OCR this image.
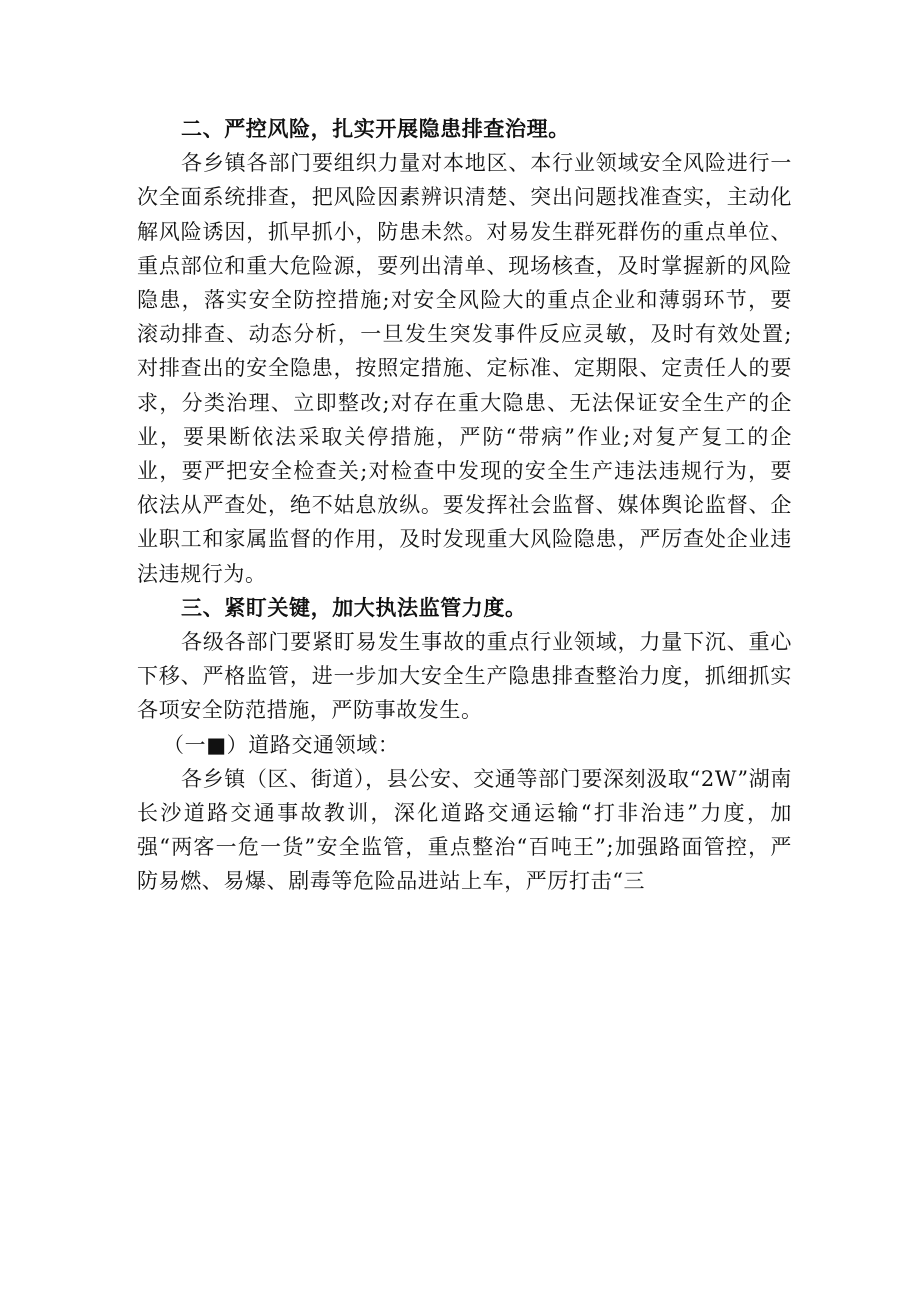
二、严控风险，扎实开展隐患排查治理。

各乡镇各部门要组织力量对本地区、本行业领域安全风险进行一次全面系统排查，把风险因素辨识清楚、突出问题找准查实，主动化解风险诱因，抓早抓小，防患未然。对易发生群死群伤的重点单位、重点部位和重大危险源，要列出清单、现场核查，及时掌握新的风险隐患，落实安全防控措施;对安全风险大的重点企业和薄弱环节，要滚动排查、动态分析，一旦发生突发事件反应灵敏，及时有效处置;对排查出的安全隐患，按照定措施、定标准、定期限、定责任人的要求，分类治理、立即整改;对存在重大隐患、无法保证安全生产的企业，要果断依法采取关停措施，严防“带病”作业;对复产复工的企业，要严把安全检查关;对检查中发现的安全生产违法违规行为，要依法从严查处，绝不姑息放纵。要发挥社会监督、媒体舆论监督、企业职工和家属监督的作用，及时发现重大风险隐患，严厉查处企业违法违规行为。

三、紧盯关键，加大执法监管力度。

各级各部门要紧盯易发生事故的重点行业领域，力量下沉、重心下移、严格监管，进一步加大安全生产隐患排查整治力度，抓细抓实各项安全防范措施，严防事故发生。

（一■）道路交通领域：

各乡镇（区、街道），县公安、交通等部门要深刻汲取“2W”湖南长沙道路交通事故教训，深化道路交通运输“打非治违”力度，加强“两客一危一货”安全监管，重点整治“百吨王”;加强路面管控，严防易燃、易爆、剧毒等危险品进站上车，严厉打击“三
